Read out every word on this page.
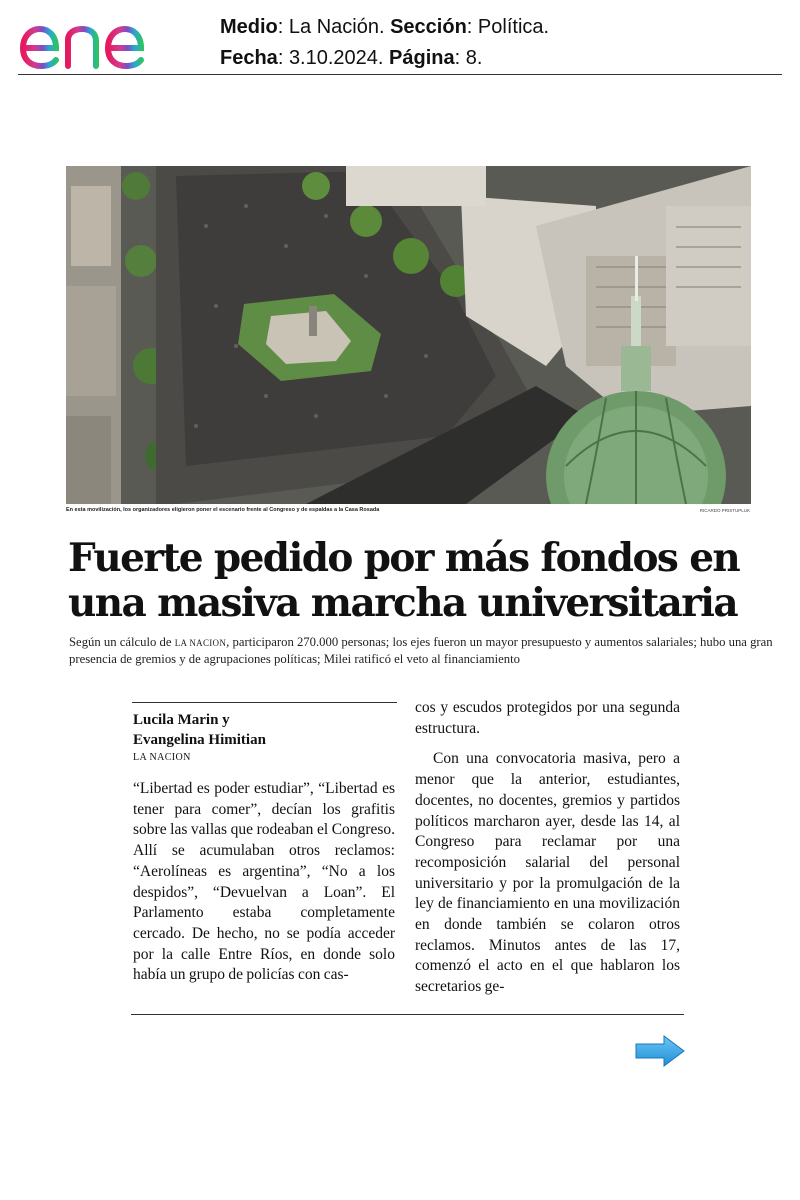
Medio: La Nación. Sección: Política.
Fecha: 3.10.2024. Página: 8.
En esta movilización, los organizadores eligieron poner el escenario frente al Congreso y de espaldas a la Casa Rosada	RICARDO PRISTUPLUK
Fuerte pedido por más fondos en
una masiva marcha universitaria
Según un cálculo de LA NACION, participaron 270.000 personas; los ejes fueron un mayor presupuesto y aumentos salariales; hubo una gran presencia de gremios y de agrupaciones políticas; Milei ratificó el veto al financiamiento
Lucila Marin y
Evangelina Himitian
LA NACION

“Libertad es poder estudiar”, “Libertad es tener para comer”, decían los grafitis sobre las vallas que rodeaban el Congreso. Allí se acumulaban otros reclamos: “Aerolíneas es argentina”, “No a los despidos”, “Devuelvan a Loan”. El Parlamento estaba completamente cercado. De hecho, no se podía acceder por la calle Entre Ríos, en donde solo había un grupo de policías con cas-

cos y escudos protegidos por una segunda estructura.

Con una convocatoria masiva, pero a menor que la anterior, estudiantes, docentes, no docentes, gremios y partidos políticos marcharon ayer, desde las 14, al Congreso para reclamar por una recomposición salarial del personal universitario y por la promulgación de la ley de financiamiento en una movilización en donde también se colaron otros reclamos. Minutos antes de las 17, comenzó el acto en el que hablaron los secretarios ge-
